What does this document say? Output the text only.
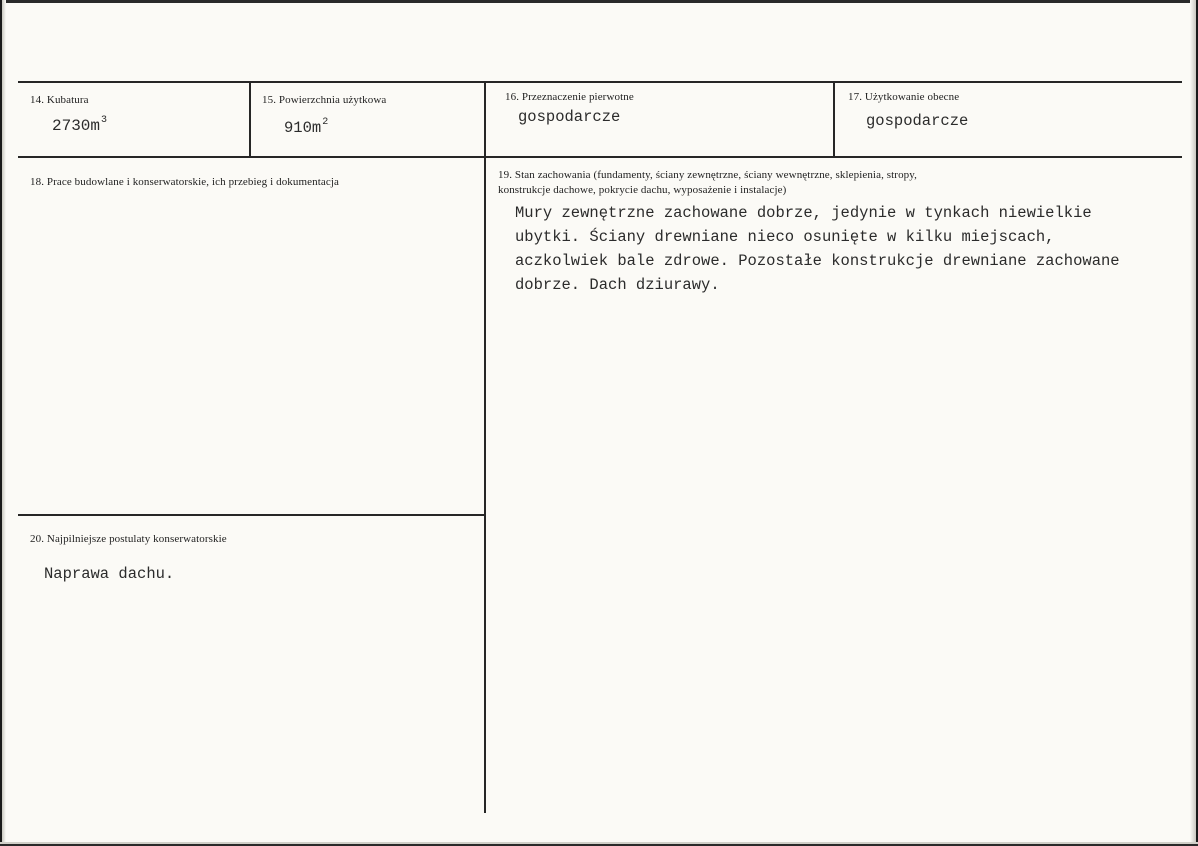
14. Kubatura
$2730m^3$
15. Powierzchnia użytkowa
$910m^2$
16. Przeznaczenie pierwotne
gospodarcze
17. Użytkowanie obecne
gospodarcze
18. Prace budowlane i konserwatorskie, ich przebieg i dokumentacja
19. Stan zachowania (fundamenty, ściany zewnętrzne, ściany wewnętrzne, sklepienia, stropy,
konstrukcje dachowe, pokrycie dachu, wyposażenie i instalacje)
Mury zewnętrzne zachowane dobrze, jedynie w tynkach niewielkie
ubytki. Ściany drewniane nieco osunięte w kilku miejscach,
aczkolwiek bale zdrowe. Pozostałe konstrukcje drewniane zachowane
dobrze. Dach dziurawy.
20. Najpilniejsze postulaty konserwatorskie
Naprawa dachu.
